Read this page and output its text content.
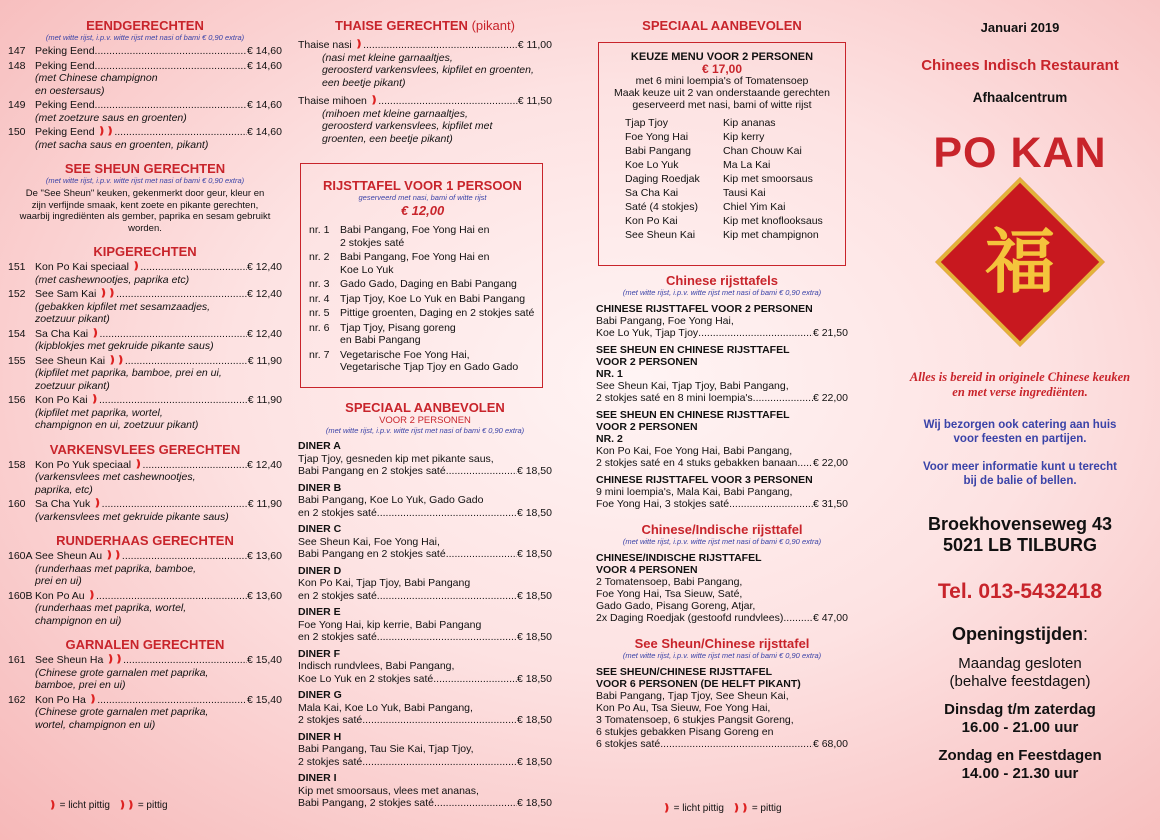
EENDGERECHTEN
(met witte rijst, i.p.v. witte rijst met nasi of bami € 0,90 extra)
147 Peking Eend .....	€ 14,60
148 Peking Eend .....	€ 14,60
(met Chinese champignon
en oestersaus)
149 Peking Eend .....	€ 14,60
(met zoetzure saus en groenten)
150 Peking Eend ❫❫ .....	€ 14,60
(met sacha saus en groenten, pikant)
SEE SHEUN GERECHTEN
(met witte rijst, i.p.v. witte rijst met nasi of bami € 0,90 extra)
De "See Sheun" keuken, gekenmerkt door geur, kleur en zijn verfijnde smaak, kent zoete en pikante gerechten, waarbij ingrediënten als gember, paprika en sesam gebruikt worden.
KIPGERECHTEN
151 Kon Po Kai speciaal ❫ .....	€ 12,40
(met cashewnootjes, paprika etc)
152 See Sam Kai ❫❫ .....	€ 12,40
(gebakken kipfilet met sesamzaadjes,
zoetzuur pikant)
154 Sa Cha Kai ❫ .....	€ 12,40
(kipblokjes met gekruide pikante saus)
155 See Sheun Kai ❫❫ .....	€ 11,90
(kipfilet met paprika, bamboe, prei en ui,
zoetzuur pikant)
156 Kon Po Kai ❫ .....	€ 11,90
(kipfilet met paprika, wortel,
champignon en ui, zoetzuur pikant)
VARKENSVLEES GERECHTEN
158 Kon Po Yuk speciaal ❫ .....	€ 12,40
(varkensvlees met cashewnootjes,
paprika, etc)
160 Sa Cha Yuk ❫ .....	€ 11,90
(varkensvlees met gekruide pikante saus)
RUNDERHAAS GERECHTEN
160A See Sheun Au ❫❫ .....	€ 13,60
(runderhaas met paprika, bamboe,
prei en ui)
160B Kon Po Au ❫ .....	€ 13,60
(runderhaas met paprika, wortel,
champignon en ui)
GARNALEN GERECHTEN
161 See Sheun Ha ❫❫ .....	€ 15,40
(Chinese grote garnalen met paprika,
bamboe, prei en ui)
162 Kon Po Ha ❫ .....	€ 15,40
(Chinese grote garnalen met paprika,
wortel, champignon en ui)
❫ = licht pittig ❫❫ = pittig
THAISE GERECHTEN (pikant)
Thaise nasi ❫ .....	€ 11,00
(nasi met kleine garnaaltjes,
geroosterd varkensvlees, kipfilet en groenten,
een beetje pikant)
Thaise mihoen ❫ .....	€ 11,50
(mihoen met kleine garnaaltjes,
geroosterd varkensvlees, kipfilet met
groenten, een beetje pikant)
RIJSTTAFEL VOOR 1 PERSOON
geserveerd met nasi, bami of witte rijst
€ 12,00
nr. 1	Babi Pangang, Foe Yong Hai en
2 stokjes saté
nr. 2	Babi Pangang, Foe Yong Hai en
Koe Lo Yuk
nr. 3	Gado Gado, Daging en Babi Pangang
nr. 4	Tjap Tjoy, Koe Lo Yuk en Babi Pangang
nr. 5	Pittige groenten, Daging en 2 stokjes saté
nr. 6	Tjap Tjoy, Pisang goreng
en Babi Pangang
nr. 7	Vegetarische Foe Yong Hai,
Vegetarische Tjap Tjoy en Gado Gado
SPECIAAL AANBEVOLEN
VOOR 2 PERSONEN
(met witte rijst, i.p.v. witte rijst met nasi of bami € 0,90 extra)
DINER A
Tjap Tjoy, gesneden kip met pikante saus,
Babi Pangang en 2 stokjes saté .....	€ 18,50
DINER B
Babi Pangang, Koe Lo Yuk, Gado Gado
en 2 stokjes saté .....	€ 18,50
DINER C
See Sheun Kai, Foe Yong Hai,
Babi Pangang en 2 stokjes saté .....	€ 18,50
DINER D
Kon Po Kai, Tjap Tjoy, Babi Pangang
en 2 stokjes saté .....	€ 18,50
DINER E
Foe Yong Hai, kip kerrie, Babi Pangang
en 2 stokjes saté .....	€ 18,50
DINER F
Indisch rundvlees, Babi Pangang,
Koe Lo Yuk en 2 stokjes saté .....	€ 18,50
DINER G
Mala Kai, Koe Lo Yuk, Babi Pangang,
2 stokjes saté .....	€ 18,50
DINER H
Babi Pangang, Tau Sie Kai, Tjap Tjoy,
2 stokjes saté .....	€ 18,50
DINER I
Kip met smoorsaus, vlees met ananas,
Babi Pangang, 2 stokjes saté .....	€ 18,50
SPECIAAL AANBEVOLEN
KEUZE MENU VOOR 2 PERSONEN
€ 17,00
met 6 mini loempia's of Tomatensoep
Maak keuze uit 2 van onderstaande gerechten
geserveerd met nasi, bami of witte rijst
Tjap Tjoy	Kip ananas
Foe Yong Hai	Kip kerry
Babi Pangang	Chan Chouw Kai
Koe Lo Yuk	Ma La Kai
Daging Roedjak	Kip met smoorsaus
Sa Cha Kai	Tausi Kai
Saté (4 stokjes)	Chiel Yim Kai
Kon Po Kai	Kip met knoflooksaus
See Sheun Kai	Kip met champignon
Chinese rijsttafels
(met witte rijst, i.p.v. witte rijst met nasi of bami € 0,90 extra)
CHINESE RIJSTTAFEL VOOR 2 PERSONEN
Babi Pangang, Foe Yong Hai,
Koe Lo Yuk, Tjap Tjoy .....	€ 21,50
SEE SHEUN EN CHINESE RIJSTTAFEL
VOOR 2 PERSONEN
NR. 1
See Sheun Kai, Tjap Tjoy, Babi Pangang,
2 stokjes saté en 8 mini loempia's .....	€ 22,00
SEE SHEUN EN CHINESE RIJSTTAFEL
VOOR 2 PERSONEN
NR. 2
Kon Po Kai, Foe Yong Hai, Babi Pangang,
2 stokjes saté en 4 stuks gebakken banaan ..... € 22,00
CHINESE RIJSTTAFEL VOOR 3 PERSONEN
9 mini loempia's, Mala Kai, Babi Pangang,
Foe Yong Hai, 3 stokjes saté .....	€ 31,50
Chinese/Indische rijsttafel
(met witte rijst, i.p.v. witte rijst met nasi of bami € 0,90 extra)
CHINESE/INDISCHE RIJSTTAFEL
VOOR 4 PERSONEN
2 Tomatensoep, Babi Pangang,
Foe Yong Hai, Tsa Sieuw, Saté,
Gado Gado, Pisang Goreng, Atjar,
2x Daging Roedjak (gestoofd rundvlees) .....	€ 47,00
See Sheun/Chinese rijsttafel
(met witte rijst, i.p.v. witte rijst met nasi of bami € 0,90 extra)
SEE SHEUN/CHINESE RIJSTTAFEL
VOOR 6 PERSONEN (DE HELFT PIKANT)
Babi Pangang, Tjap Tjoy, See Sheun Kai,
Kon Po Au, Tsa Sieuw, Foe Yong Hai,
3 Tomatensoep, 6 stukjes Pangsit Goreng,
6 stukjes gebakken Pisang Goreng en
6 stokjes saté .....	€ 68,00
❫ = licht pittig ❫❫ = pittig
Januari 2019
Chinees Indisch Restaurant
Afhaalcentrum
PO KAN
福
Alles is bereid in originele Chinese keuken
en met verse ingrediënten.
Wij bezorgen ook catering aan huis
voor feesten en partijen.
Voor meer informatie kunt u terecht
bij de balie of bellen.
Broekhovenseweg 43
5021 LB TILBURG
Tel. 013-5432418
Openingstijden:
Maandag gesloten
(behalve feestdagen)
Dinsdag t/m zaterdag
16.00 - 21.00 uur
Zondag en Feestdagen
14.00 - 21.30 uur
